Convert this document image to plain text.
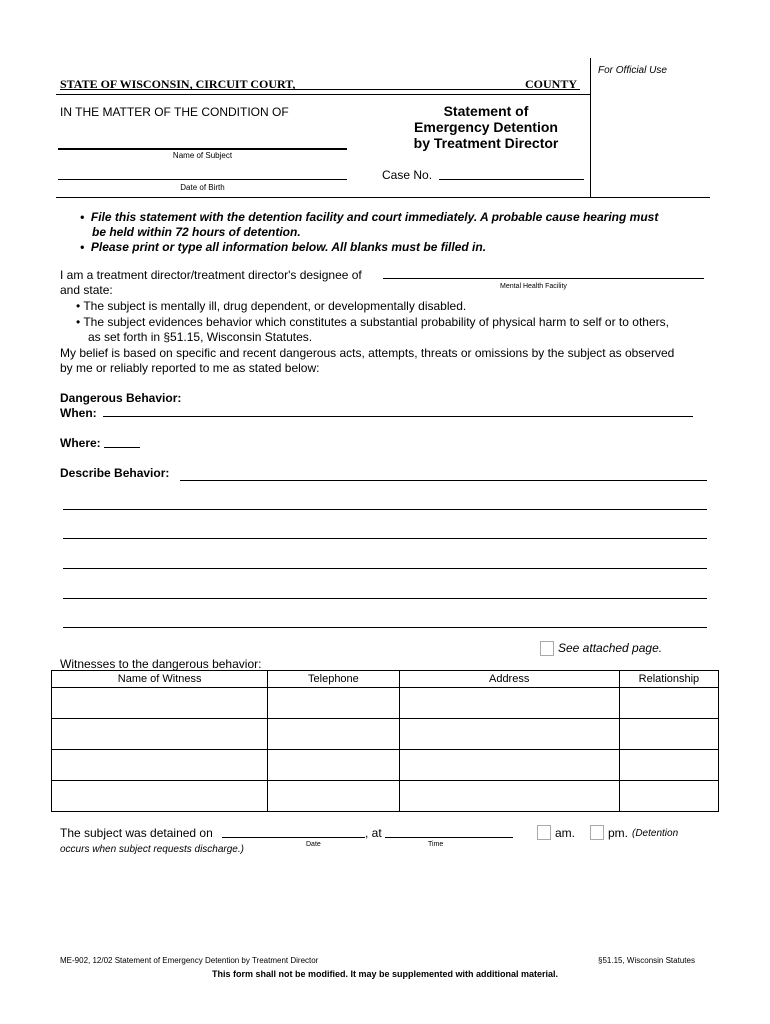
For Official Use
STATE OF WISCONSIN, CIRCUIT COURT,	COUNTY
IN THE MATTER OF THE CONDITION OF	Statement of
Emergency Detention
by Treatment Director
Name of Subject
Case No.
Date of Birth
•  File this statement with the detention facility and court immediately. A probable cause hearing must
be held within 72 hours of detention.
•  Please print or type all information below. All blanks must be filled in.
I am a treatment director/treatment director's designee of
Mental Health Facility
and state:
• The subject is mentally ill, drug dependent, or developmentally disabled.
• The subject evidences behavior which constitutes a substantial probability of physical harm to self or to others,
as set forth in §51.15, Wisconsin Statutes.
My belief is based on specific and recent dangerous acts, attempts, threats or omissions by the subject as observed
by me or reliably reported to me as stated below:
Dangerous Behavior:
When:
Where:
Describe Behavior:
See attached page.
Witnesses to the dangerous behavior:
Name of Witness	Telephone	Address	Relationship

The subject was detained on	, at
Date	Time
am.	pm. (Detention
occurs when subject requests discharge.)
ME-902, 12/02 Statement of Emergency Detention by Treatment Director	§51.15, Wisconsin Statutes
This form shall not be modified. It may be supplemented with additional material.
